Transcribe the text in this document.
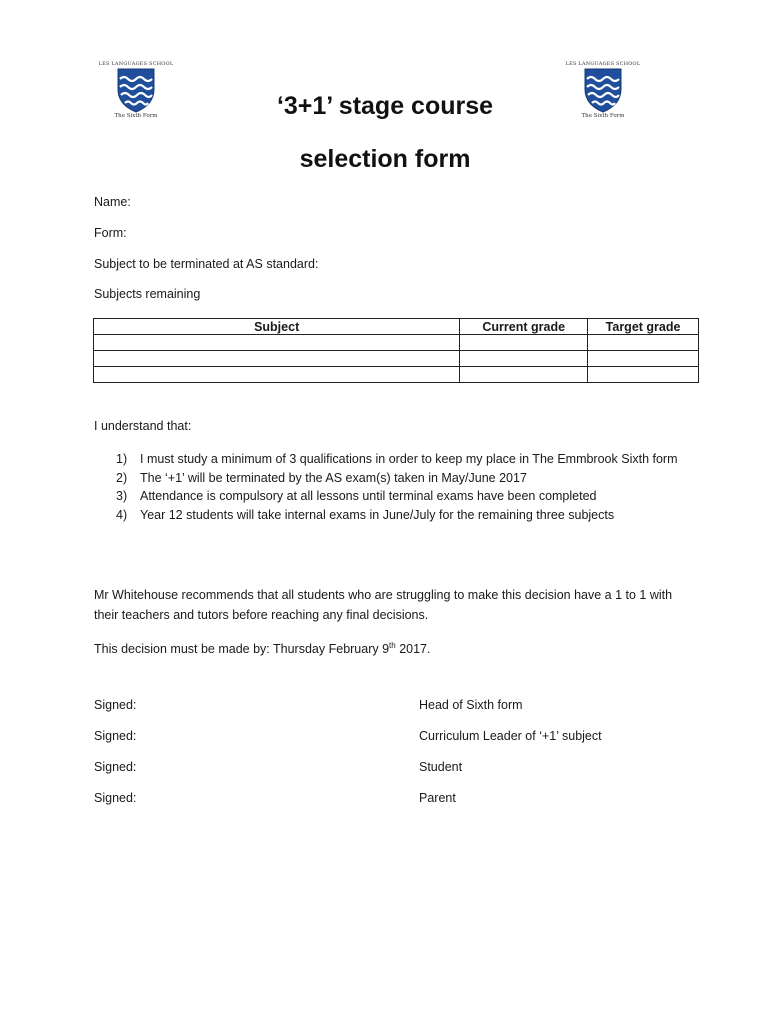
LES LANGUAGES SCHOOL
The Sixth Form
LES LANGUAGES SCHOOL
The Sixth Form
‘3+1’ stage course
selection form
Name:
Form:
Subject to be terminated at AS standard:
Subjects remaining
Subject	Current grade	Target grade

I understand that:
1) I must study a minimum of 3 qualifications in order to keep my place in The Emmbrook Sixth form
2) The ‘+1’ will be terminated by the AS exam(s) taken in May/June 2017
3) Attendance is compulsory at all lessons until terminal exams have been completed
4) Year 12 students will take internal exams in June/July for the remaining three subjects
Mr Whitehouse recommends that all students who are struggling to make this decision have a 1 to 1 with their teachers and tutors before reaching any final decisions.
This decision must be made by: Thursday February 9th 2017.
Signed:	Head of Sixth form
Signed:	Curriculum Leader of ‘+1’ subject
Signed:	Student
Signed:	Parent
